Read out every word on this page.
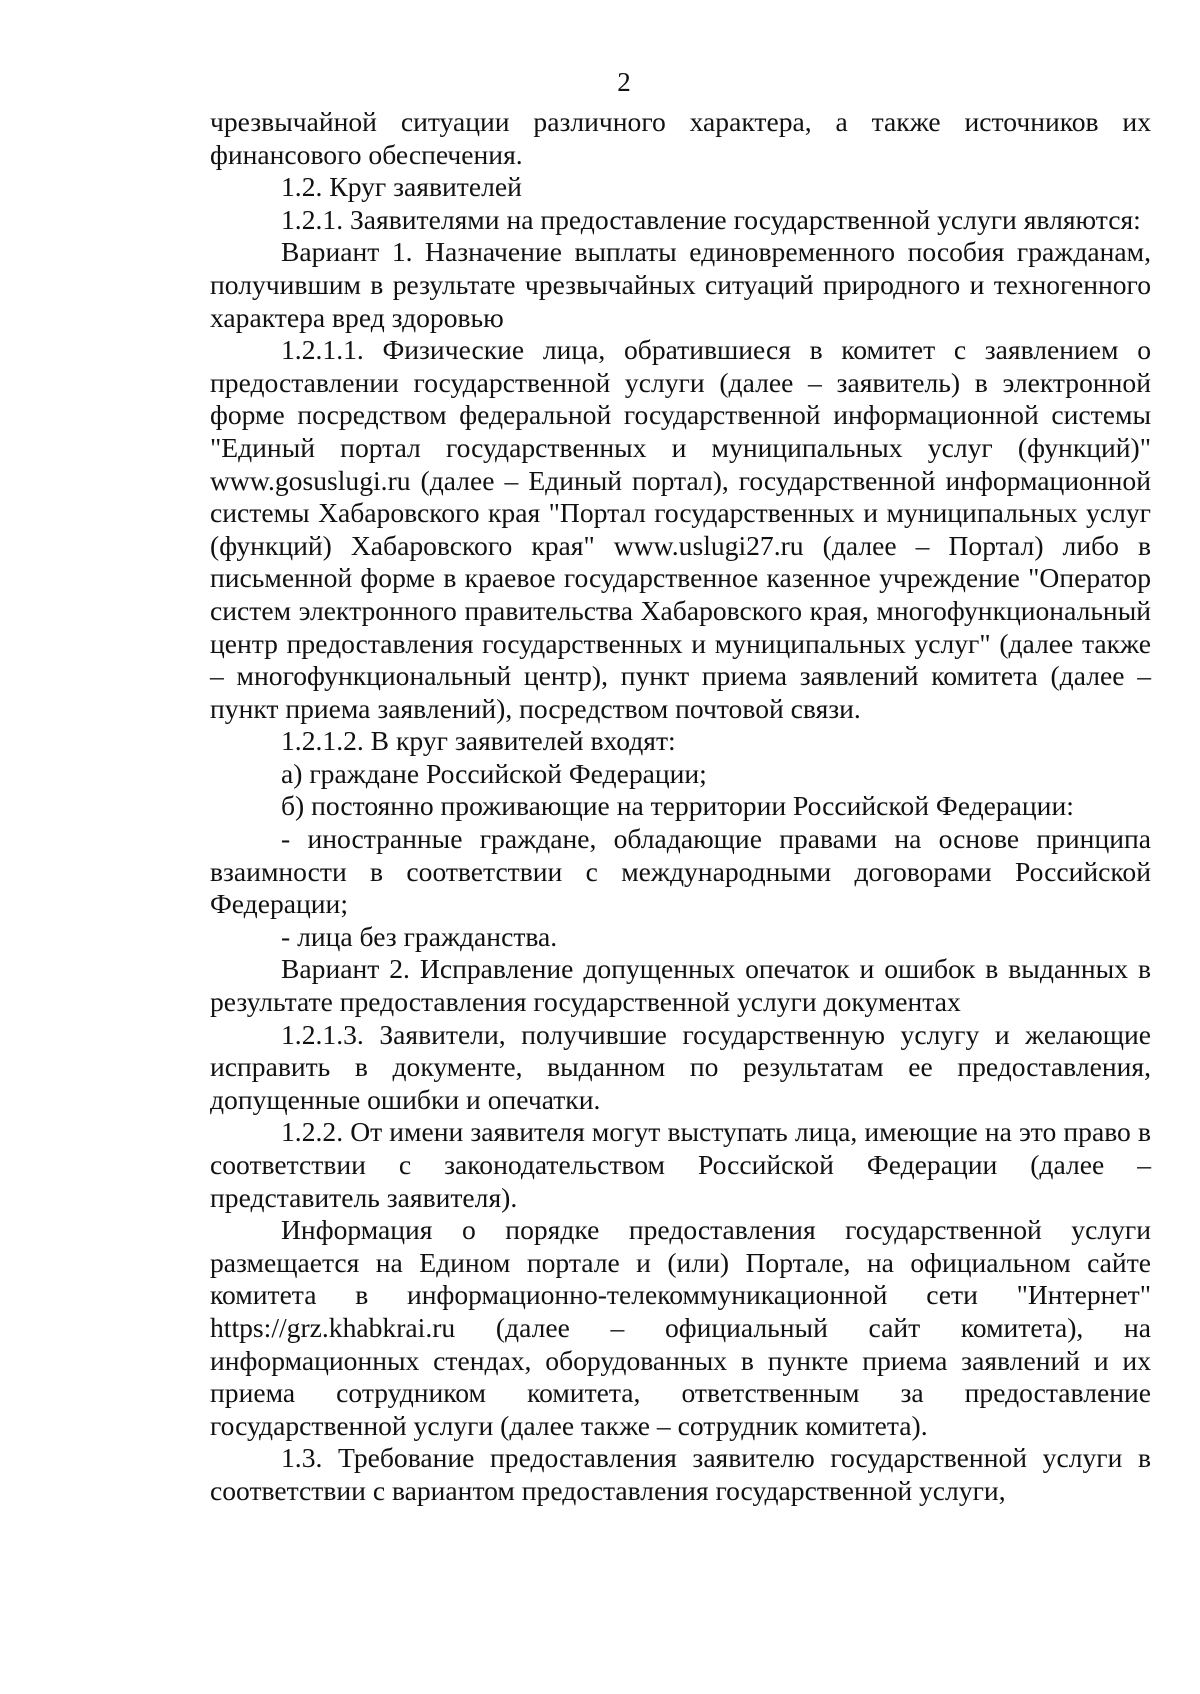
2

чрезвычайной ситуации различного характера, а также источников их финансового обеспечения.

1.2. Круг заявителей

1.2.1. Заявителями на предоставление государственной услуги являются:

Вариант 1. Назначение выплаты единовременного пособия гражданам, получившим в результате чрезвычайных ситуаций природного и техногенного характера вред здоровью

1.2.1.1. Физические лица, обратившиеся в комитет с заявлением о предоставлении государственной услуги (далее – заявитель) в электронной форме посредством федеральной государственной информационной системы "Единый портал государственных и муниципальных услуг (функций)" www.gosuslugi.ru (далее – Единый портал), государственной информационной системы Хабаровского края "Портал государственных и муниципальных услуг (функций) Хабаровского края" www.uslugi27.ru (далее – Портал) либо в письменной форме в краевое государственное казенное учреждение "Оператор систем электронного правительства Хабаровского края, многофункциональный центр предоставления государственных и муниципальных услуг" (далее также – многофункциональный центр), пункт приема заявлений комитета (далее – пункт приема заявлений), посредством почтовой связи.

1.2.1.2. В круг заявителей входят:

а) граждане Российской Федерации;

б) постоянно проживающие на территории Российской Федерации:

- иностранные граждане, обладающие правами на основе принципа взаимности в соответствии с международными договорами Российской Федерации;

- лица без гражданства.

Вариант 2. Исправление допущенных опечаток и ошибок в выданных в результате предоставления государственной услуги документах

1.2.1.3. Заявители, получившие государственную услугу и желающие исправить в документе, выданном по результатам ее предоставления, допущенные ошибки и опечатки.

1.2.2. От имени заявителя могут выступать лица, имеющие на это право в соответствии с законодательством Российской Федерации (далее – представитель заявителя).

Информация о порядке предоставления государственной услуги размещается на Едином портале и (или) Портале, на официальном сайте комитета в информационно-телекоммуникационной сети "Интернет" https://grz.khabkrai.ru (далее – официальный сайт комитета), на информационных стендах, оборудованных в пункте приема заявлений и их приема сотрудником комитета, ответственным за предоставление государственной услуги (далее также – сотрудник комитета).

1.3. Требование предоставления заявителю государственной услуги в соответствии с вариантом предоставления государственной услуги,
